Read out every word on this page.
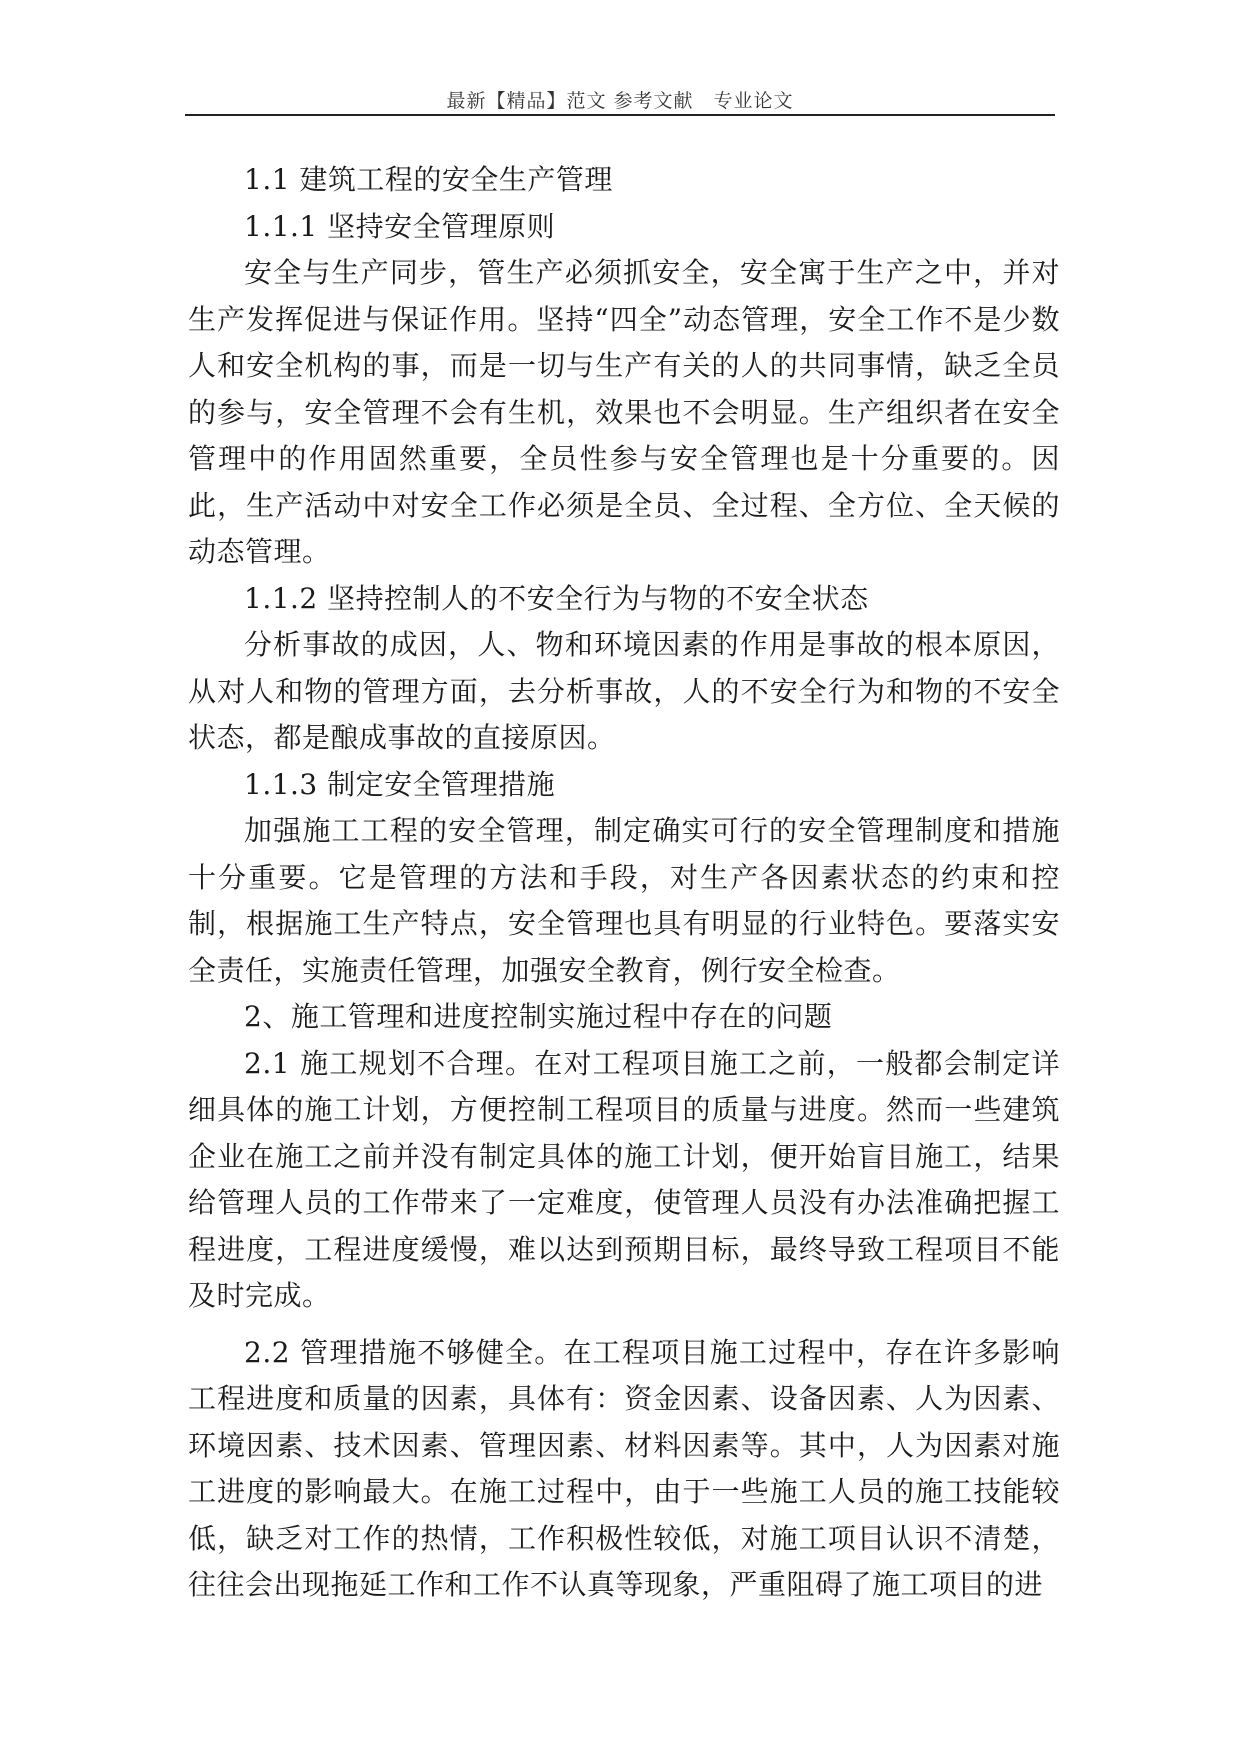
最新【精品】范文 参考文献　专业论文

1.1 建筑工程的安全生产管理

1.1.1 坚持安全管理原则

安全与生产同步，管生产必须抓安全，安全寓于生产之中，并对生产发挥促进与保证作用。坚持“四全”动态管理，安全工作不是少数人和安全机构的事，而是一切与生产有关的人的共同事情，缺乏全员的参与，安全管理不会有生机，效果也不会明显。生产组织者在安全管理中的作用固然重要，全员性参与安全管理也是十分重要的。因此，生产活动中对安全工作必须是全员、全过程、全方位、全天候的动态管理。

1.1.2 坚持控制人的不安全行为与物的不安全状态

分析事故的成因，人、物和环境因素的作用是事故的根本原因，从对人和物的管理方面，去分析事故，人的不安全行为和物的不安全状态，都是酿成事故的直接原因。

1.1.3 制定安全管理措施

加强施工工程的安全管理，制定确实可行的安全管理制度和措施十分重要。它是管理的方法和手段，对生产各因素状态的约束和控制，根据施工生产特点，安全管理也具有明显的行业特色。要落实安全责任，实施责任管理，加强安全教育，例行安全检查。

2、施工管理和进度控制实施过程中存在的问题

2.1 施工规划不合理。在对工程项目施工之前，一般都会制定详细具体的施工计划，方便控制工程项目的质量与进度。然而一些建筑企业在施工之前并没有制定具体的施工计划，便开始盲目施工，结果给管理人员的工作带来了一定难度，使管理人员没有办法准确把握工程进度，工程进度缓慢，难以达到预期目标，最终导致工程项目不能及时完成。

2.2 管理措施不够健全。在工程项目施工过程中，存在许多影响工程进度和质量的因素，具体有：资金因素、设备因素、人为因素、环境因素、技术因素、管理因素、材料因素等。其中，人为因素对施工进度的影响最大。在施工过程中，由于一些施工人员的施工技能较低，缺乏对工作的热情，工作积极性较低，对施工项目认识不清楚，往往会出现拖延工作和工作不认真等现象，严重阻碍了施工项目的进
